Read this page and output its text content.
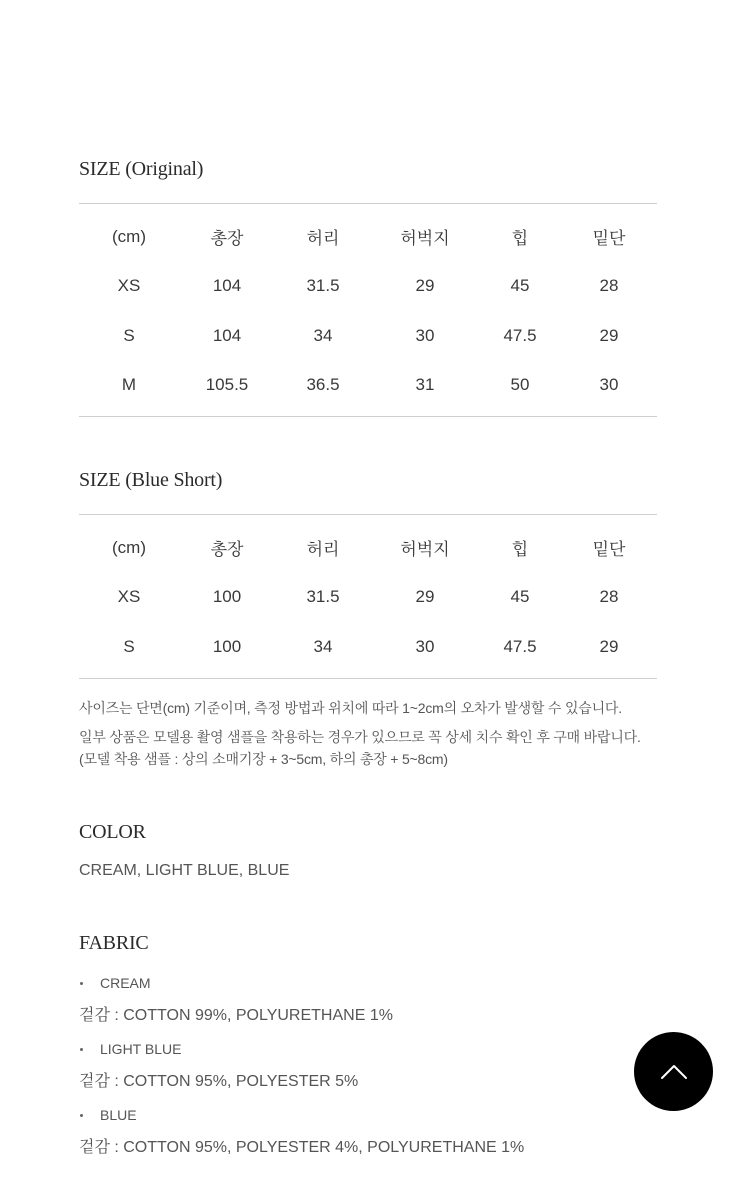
SIZE (Original)
(cm)	총장	허리	허벅지	힙	밑단
XS	104	31.5	29	45	28
S	104	34	30	47.5	29
M	105.5	36.5	31	50	30
SIZE (Blue Short)
(cm)	총장	허리	허벅지	힙	밑단
XS	100	31.5	29	45	28
S	100	34	30	47.5	29

사이즈는 단면(cm) 기준이며, 측정 방법과 위치에 따라 1~2cm의 오차가 발생할 수 있습니다.

일부 상품은 모델용 촬영 샘플을 착용하는 경우가 있으므로 꼭 상세 치수 확인 후 구매 바랍니다.

(모델 착용 샘플 : 상의 소매기장 + 3~5cm, 하의 총장 + 5~8cm)

COLOR

CREAM, LIGHT BLUE, BLUE

FABRIC
CREAM
겉감 : COTTON 99%, POLYURETHANE 1%
LIGHT BLUE
겉감 : COTTON 95%, POLYESTER 5%
BLUE
겉감 : COTTON 95%, POLYESTER 4%, POLYURETHANE 1%
